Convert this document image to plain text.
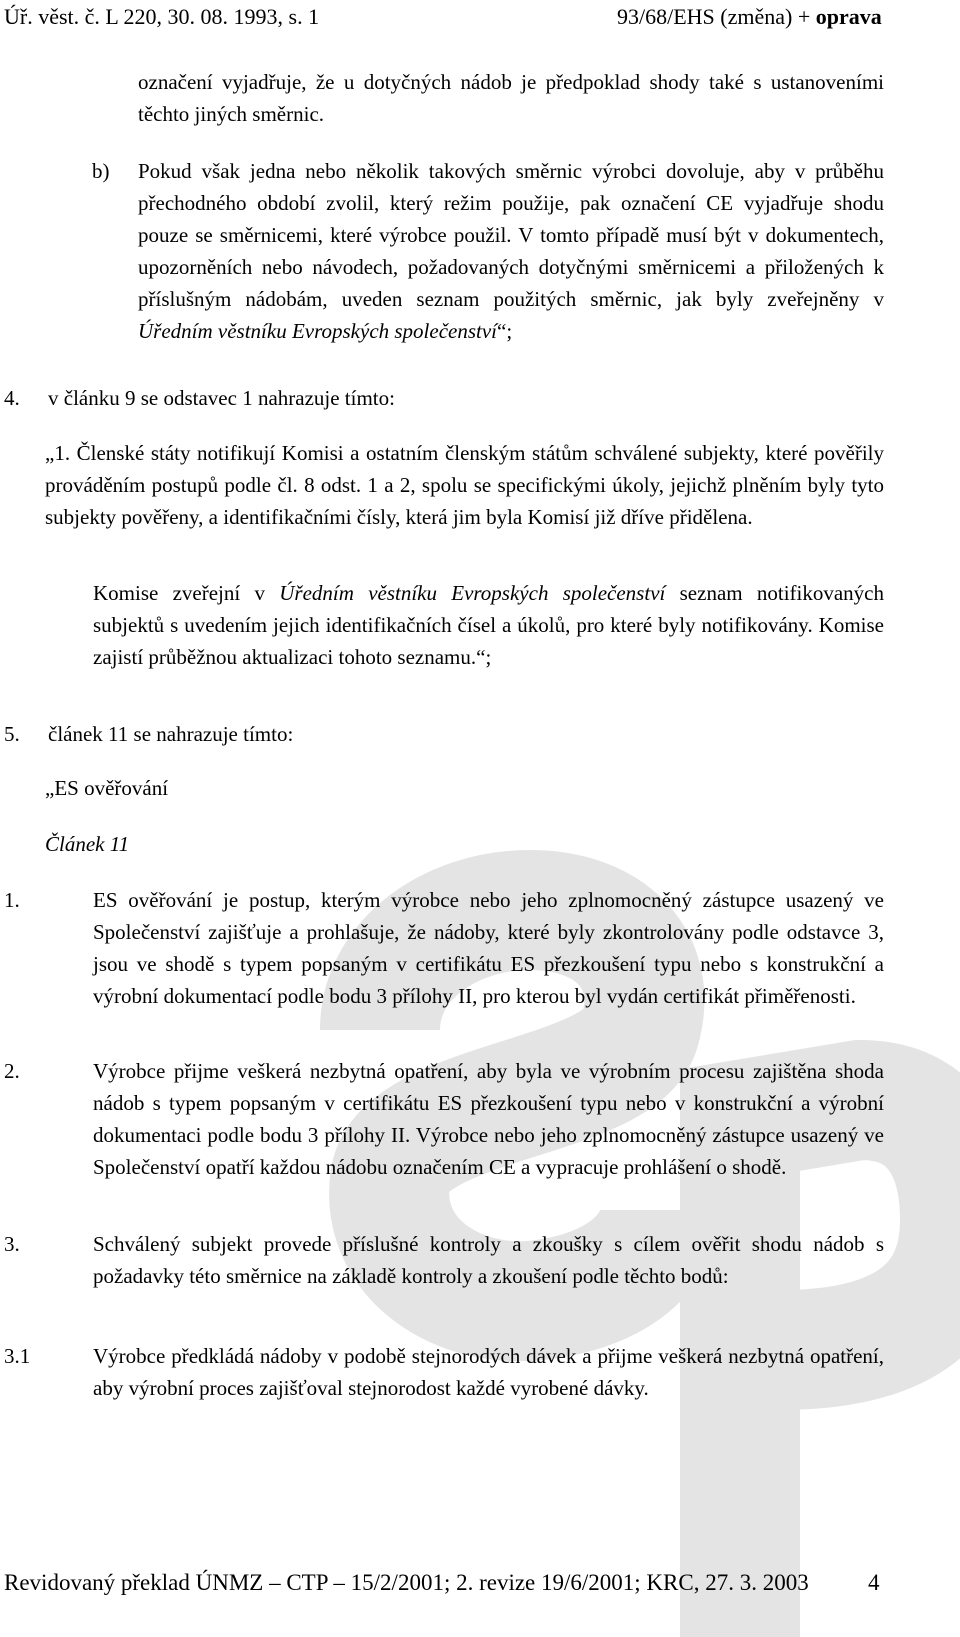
Úř. věst. č. L 220, 30. 08. 1993, s. 1	93/68/EHS (změna) + oprava
označení vyjadřuje, že u dotyčných nádob je předpoklad shody také s ustanoveními těchto jiných směrnic.
b) Pokud však jedna nebo několik takových směrnic výrobci dovoluje, aby v průběhu přechodného období zvolil, který režim použije, pak označení CE vyjadřuje shodu pouze se směrnicemi, které výrobce použil. V tomto případě musí být v dokumentech, upozorněních nebo návodech, požadovaných dotyčnými směrnicemi a přiložených k příslušným nádobám, uveden seznam použitých směrnic, jak byly zveřejněny v Úředním věstníku Evropských společenství“;
4. v článku 9 se odstavec 1 nahrazuje tímto:
„1. Členské státy notifikují Komisi a ostatním členským státům schválené subjekty, které pověřily prováděním postupů podle čl. 8 odst. 1 a 2, spolu se specifickými úkoly, jejichž plněním byly tyto subjekty pověřeny, a identifikačními čísly, která jim byla Komisí již dříve přidělena.
Komise zveřejní v Úředním věstníku Evropských společenství seznam notifikovaných subjektů s uvedením jejich identifikačních čísel a úkolů, pro které byly notifikovány. Komise zajistí průběžnou aktualizaci tohoto seznamu.“;
5. článek 11 se nahrazuje tímto:
„ES ověřování
Článek 11
1.	ES ověřování je postup, kterým výrobce nebo jeho zplnomocněný zástupce usazený ve Společenství zajišťuje a prohlašuje, že nádoby, které byly zkontrolovány podle odstavce 3, jsou ve shodě s typem popsaným v certifikátu ES přezkoušení typu nebo s konstrukční a výrobní dokumentací podle bodu 3 přílohy II, pro kterou byl vydán certifikát přiměřenosti.
2.	Výrobce přijme veškerá nezbytná opatření, aby byla ve výrobním procesu zajištěna shoda nádob s typem popsaným v certifikátu ES přezkoušení typu nebo v konstrukční a výrobní dokumentaci podle bodu 3 přílohy II. Výrobce nebo jeho zplnomocněný zástupce usazený ve Společenství opatří každou nádobu označením CE a vypracuje prohlášení o shodě.
3.	Schválený subjekt provede příslušné kontroly a zkoušky s cílem ověřit shodu nádob s požadavky této směrnice na základě kontroly a zkoušení podle těchto bodů:
3.1	Výrobce předkládá nádoby v podobě stejnorodých dávek a přijme veškerá nezbytná opatření, aby výrobní proces zajišťoval stejnorodost každé vyrobené dávky.
Revidovaný překlad ÚNMZ – CTP – 15/2/2001; 2. revize 19/6/2001; KRC, 27. 3. 2003	4
